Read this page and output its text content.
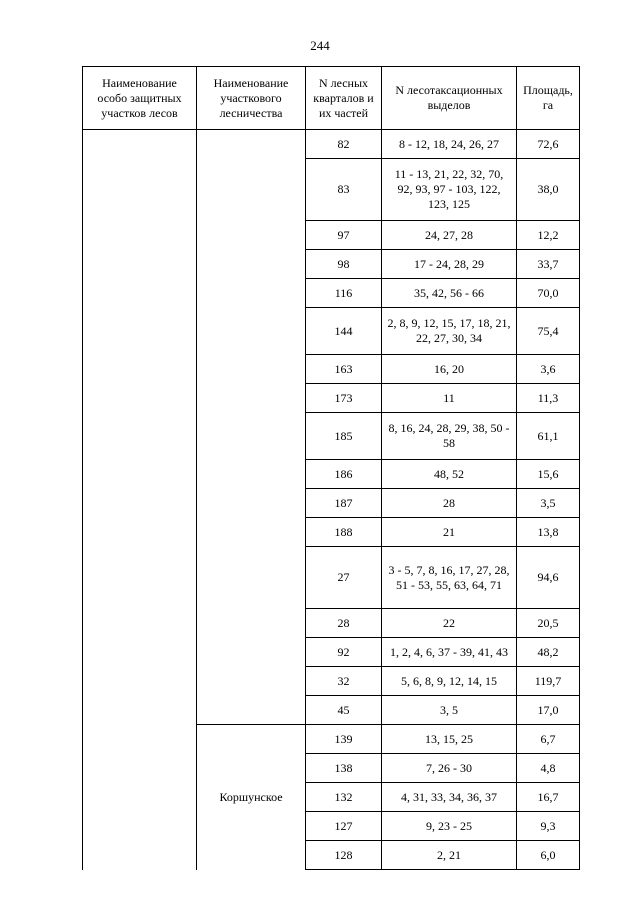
244
Наименование особо защитных участков лесов	Наименование участкового лесничества	N лесных кварталов и их частей	N лесотаксационных выделов	Площадь, га
		82	8 - 12, 18, 24, 26, 27	72,6
		83	11 - 13, 21, 22, 32, 70, 92, 93, 97 - 103, 122, 123, 125	38,0
		97	24, 27, 28	12,2
		98	17 - 24, 28, 29	33,7
		116	35, 42, 56 - 66	70,0
		144	2, 8, 9, 12, 15, 17, 18, 21, 22, 27, 30, 34	75,4
		163	16, 20	3,6
		173	11	11,3
		185	8, 16, 24, 28, 29, 38, 50 - 58	61,1
		186	48, 52	15,6
		187	28	3,5
		188	21	13,8
		27	3 - 5, 7, 8, 16, 17, 27, 28, 51 - 53, 55, 63, 64, 71	94,6
		28	22	20,5
		92	1, 2, 4, 6, 37 - 39, 41, 43	48,2
		32	5, 6, 8, 9, 12, 14, 15	119,7
		45	3, 5	17,0
	Коршунское	139	13, 15, 25	6,7
		138	7, 26 - 30	4,8
		132	4, 31, 33, 34, 36, 37	16,7
		127	9, 23 - 25	9,3
		128	2, 21	6,0
